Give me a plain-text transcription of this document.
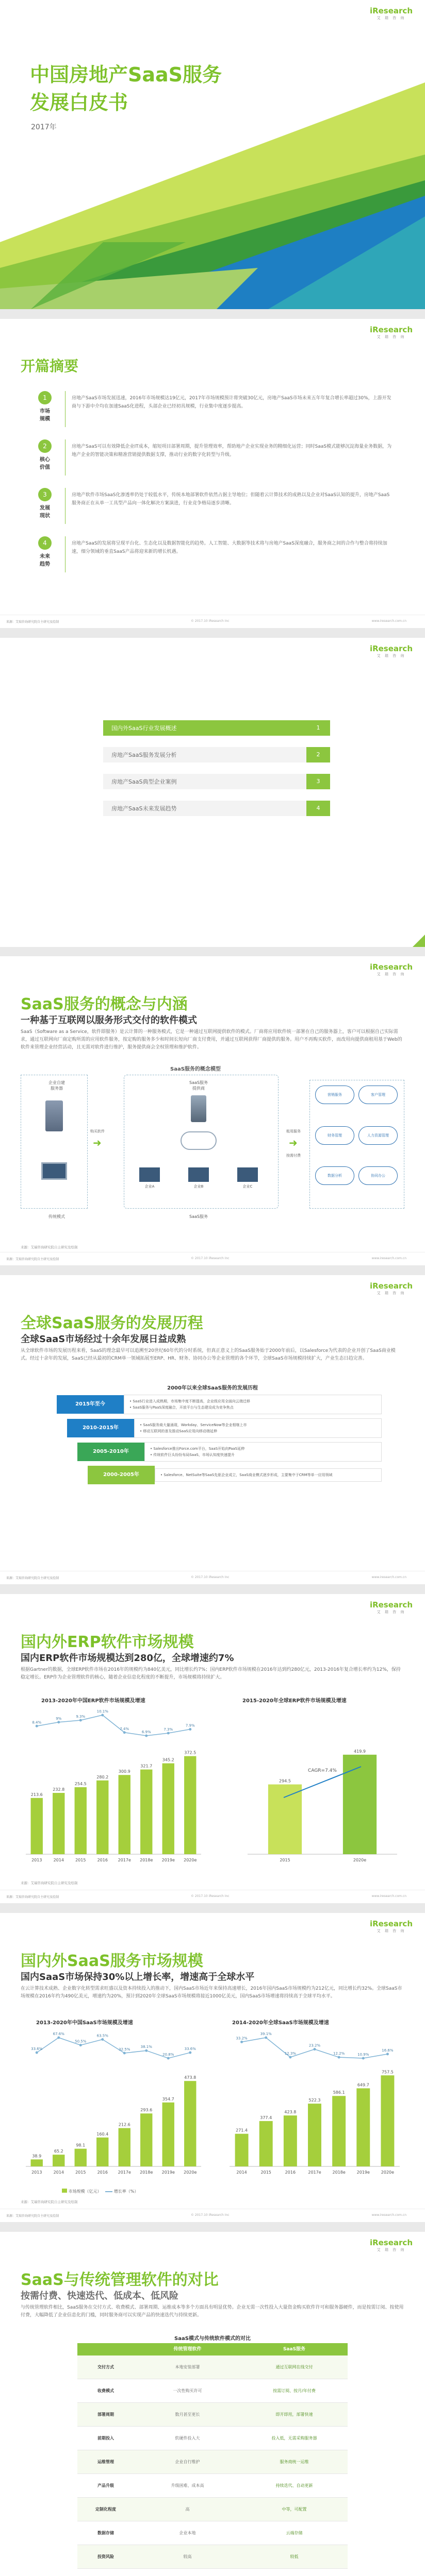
iResearch
艾 瑞 咨 询
中国房地产SaaS服务
发展白皮书
2017年
iResearch
艾 瑞 咨 询
开篇摘要
1
市场
规模
房地产SaaS市场发展迅速，2016年市场规模达19亿元，2017年市场规模预计将突破30亿元，房地产SaaS市场未来五年年复合增长率超过30%，上游开发商与下游中介均在加速SaaS化进程，头部企业已经初具规模，行业集中度逐步提高。
2
核心
价值
房地产SaaS可以有效降低企业IT成本，缩短项目部署周期，提升管理效率，帮助地产企业实现业务的精细化运营；同时SaaS模式能够沉淀海量业务数据，为地产企业的智能决策和精准营销提供数据支撑，推动行业的数字化转型与升级。
3
发展
现状
房地产软件市场SaaS化渗透率仍处于较低水平，传统本地部署软件依然占据主导地位；但随着云计算技术的成熟以及企业对SaaS认知的提升，房地产SaaS服务商正在从单一工具型产品向一体化解决方案演进，行业竞争格局逐步清晰。
4
未来
趋势
房地产SaaS的发展将呈现平台化、生态化以及数据智能化的趋势。人工智能、大数据等技术将与房地产SaaS深度融合，服务商之间的合作与整合将持续加速，细分领域的垂直SaaS产品将迎来新的增长机遇。
来源：艾瑞咨询研究院自主研究及绘制	© 2017.10 iResearch Inc	www.iresearch.com.cn
iResearch
艾 瑞 咨 询
国内外SaaS行业发展概述	1
房地产SaaS服务发展分析	2
房地产SaaS典型企业案例	3
房地产SaaS未来发展趋势	4
iResearch
艾 瑞 咨 询
SaaS服务的概念与内涵
一种基于互联网以服务形式交付的软件模式
SaaS（Software as a Service，软件即服务）是云计算的一种服务模式，它是一种通过互联网提供软件的模式。厂商将应用软件统一部署在自己的服务器上，客户可以根据自己实际需求，通过互联网向厂商定购所需的应用软件服务，按定购的服务多少和时间长短向厂商支付费用，并通过互联网获得厂商提供的服务。用户不再购买软件，而改用向提供商租用基于Web的软件来管理企业经营活动，且无需对软件进行维护，服务提供商会全权管理和维护软件。
SaaS服务的概念模型
企业自建
服务器
传统模式
SaaS服务
提供商
企业A	企业B	企业C
SaaS服务
➜	➜
购买软件	租用服务
按需付费
营销服务	客户管理
财务管理	人力资源管理
数据分析	协同办公
来源：艾瑞咨询研究院自主研究及绘制
来源：艾瑞咨询研究院自主研究及绘制	© 2017.10 iResearch Inc	www.iresearch.com.cn
iResearch
艾 瑞 咨 询
全球SaaS服务的发展历程
全球SaaS市场经过十余年发展日益成熟
从全球软件市场的发展历程来看，SaaS的理念最早可以追溯至20世纪60年代的分时系统，但真正意义上的SaaS服务始于2000年前后，以Salesforce为代表的企业开创了SaaS商业模式。经过十余年的发展，SaaS已经从最初的CRM单一领域拓展至ERP、HR、财务、协同办公等企业管理的各个环节，全球SaaS市场规模持续扩大，产业生态日趋完善。
2000年以来全球SaaS服务的发展历程
2015年至今	• SaaS行业进入成熟期，市场集中度不断提高，企业级应用全面向云端迁移
• SaaS服务与PaaS深度融合，开放平台与生态建设成为竞争焦点
2010-2015年	• SaaS服务商大量涌现，Workday、ServiceNow等企业相继上市
• 移动互联网的普及推动SaaS应用向移动端延伸
2005-2010年	• Salesforce推出Force.com平台，SaaS开始向PaaS延伸
• 传统软件巨头纷纷布局SaaS，市场认知度快速提升
2000-2005年	• Salesforce、NetSuite等SaaS先驱企业成立，SaaS商业模式逐步形成，主要集中于CRM等单一应用领域
来源：艾瑞咨询研究院自主研究及绘制	© 2017.10 iResearch Inc	www.iresearch.com.cn
iResearch
艾 瑞 咨 询
国内外ERP软件市场规模
国内ERP软件市场规模达到280亿，全球增速约7%
根据Gartner的数据，全球ERP软件市场在2016年的规模约为840亿美元，同比增长约7%；国内ERP软件市场规模在2016年达到约280亿元，2013-2016年复合增长率约为12%，保持稳定增长。ERP作为企业管理软件的核心，随着企业信息化程度的不断提升，市场规模将持续扩大。
2013-2020年中国ERP软件市场规模及增速	2015-2020年全球ERP软件市场规模及增速
213.6
2013
232.8
2014
254.5
2015
280.2
2016
300.9
2017e
321.7
2018e
345.2
2019e
372.5
2020e
8.4%
9%	9.3%
10.1%
7.4%
6.9%
7.3%
7.9%
294.5
2015
419.9
2020e
CAGR=7.4%
来源：艾瑞咨询研究院自主研究及绘制
来源：艾瑞咨询研究院自主研究及绘制	© 2017.10 iResearch Inc	www.iresearch.com.cn
iResearch
艾 瑞 咨 询
国内外SaaS服务市场规模
国内SaaS市场保持30%以上增长率，增速高于全球水平
在云计算技术成熟、企业数字化转型需求旺盛以及资本持续投入的推动下，国内SaaS市场近年来保持高速增长，2016年国内SaaS市场规模约为212亿元，同比增长约32%。全球SaaS市场规模在2016年约为490亿美元，增速约为20%，预计到2020年全球SaaS市场规模将接近1000亿美元，国内SaaS市场增速将持续高于全球平均水平。
2013-2020年中国SaaS市场规模及增速	2014-2020年全球SaaS市场规模及增速
38.9
2013
65.2
2014
98.1
2015
160.4
2016
212.6
2017e
293.6
2018e
354.7
2019e
473.8
2020e
33.6%
67.6%
50.5%
63.5%
32.5%
38.1%
20.8%
33.6%
271.4
2014
377.4
2015
423.8
2016
522.3
2017e
586.1
2018e
649.7
2019e
757.5
2020e
33.2%
39.1%
12.3%
23.2%
12.2%	10.9%
16.6%
市场规模（亿元）	增长率（%）
来源：艾瑞咨询研究院自主研究及绘制
来源：艾瑞咨询研究院自主研究及绘制	© 2017.10 iResearch Inc	www.iresearch.com.cn
iResearch
艾 瑞 咨 询
SaaS与传统管理软件的对比
按需付费、快速迭代、低成本、低风险
与传统管理软件相比，SaaS服务在交付方式、收费模式、部署周期、运维成本等多个方面具有明显优势。企业无需一次性投入大量资金购买软件许可和服务器硬件，而是按需订阅、按使用付费，大幅降低了企业信息化的门槛，同时服务商可以实现产品的快速迭代与持续更新。
SaaS模式与传统软件模式的对比
传统管理软件	SaaS服务
交付方式	本地安装部署	通过互联网在线交付
收费模式	一次性购买许可	按需订阅、按月/年付费
部署周期	数月甚至更长	即开即用，部署快速
前期投入	软硬件投入大	投入低，无需采购服务器
运维管理	企业自行维护	服务商统一运维
产品升级	升级困难、成本高	持续迭代、自动更新
定制化程度	高	中等，可配置
数据存储	企业本地	云端存储
投资风险	较高	较低
